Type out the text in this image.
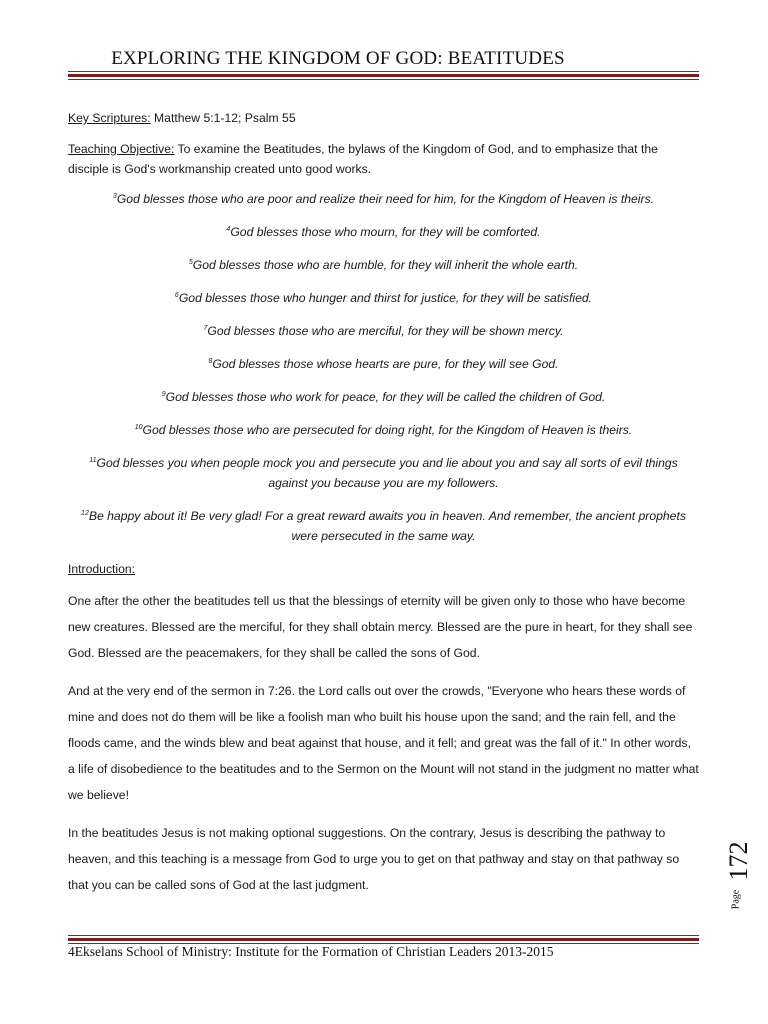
EXPLORING THE KINGDOM OF GOD: BEATITUDES

Key Scriptures: Matthew 5:1-12; Psalm 55

Teaching Objective: To examine the Beatitudes, the bylaws of the Kingdom of God, and to emphasize that the disciple is God's workmanship created unto good works.

$^3$God blesses those who are poor and realize their need for him, for the Kingdom of Heaven is theirs.

$^4$God blesses those who mourn, for they will be comforted.

$^5$God blesses those who are humble, for they will inherit the whole earth.

$^6$God blesses those who hunger and thirst for justice, for they will be satisfied.

$^7$God blesses those who are merciful, for they will be shown mercy.

$^8$God blesses those whose hearts are pure, for they will see God.

$^9$God blesses those who work for peace, for they will be called the children of God.

$^{10}$God blesses those who are persecuted for doing right, for the Kingdom of Heaven is theirs.

$^{11}$God blesses you when people mock you and persecute you and lie about you and say all sorts of evil things against you because you are my followers.

$^{12}$Be happy about it! Be very glad! For a great reward awaits you in heaven. And remember, the ancient prophets were persecuted in the same way.

Introduction:

One after the other the beatitudes tell us that the blessings of eternity will be given only to those who have become new creatures. Blessed are the merciful, for they shall obtain mercy. Blessed are the pure in heart, for they shall see God. Blessed are the peacemakers, for they shall be called the sons of God.

And at the very end of the sermon in 7:26. the Lord calls out over the crowds, "Everyone who hears these words of mine and does not do them will be like a foolish man who built his house upon the sand; and the rain fell, and the floods came, and the winds blew and beat against that house, and it fell; and great was the fall of it." In other words, a life of disobedience to the beatitudes and to the Sermon on the Mount will not stand in the judgment no matter what we believe!

In the beatitudes Jesus is not making optional suggestions. On the contrary, Jesus is describing the pathway to heaven, and this teaching is a message from God to urge you to get on that pathway and stay on that pathway so that you can be called sons of God at the last judgment.

172
Page
4Ekselans School of Ministry: Institute for the Formation of Christian Leaders 2013-2015
